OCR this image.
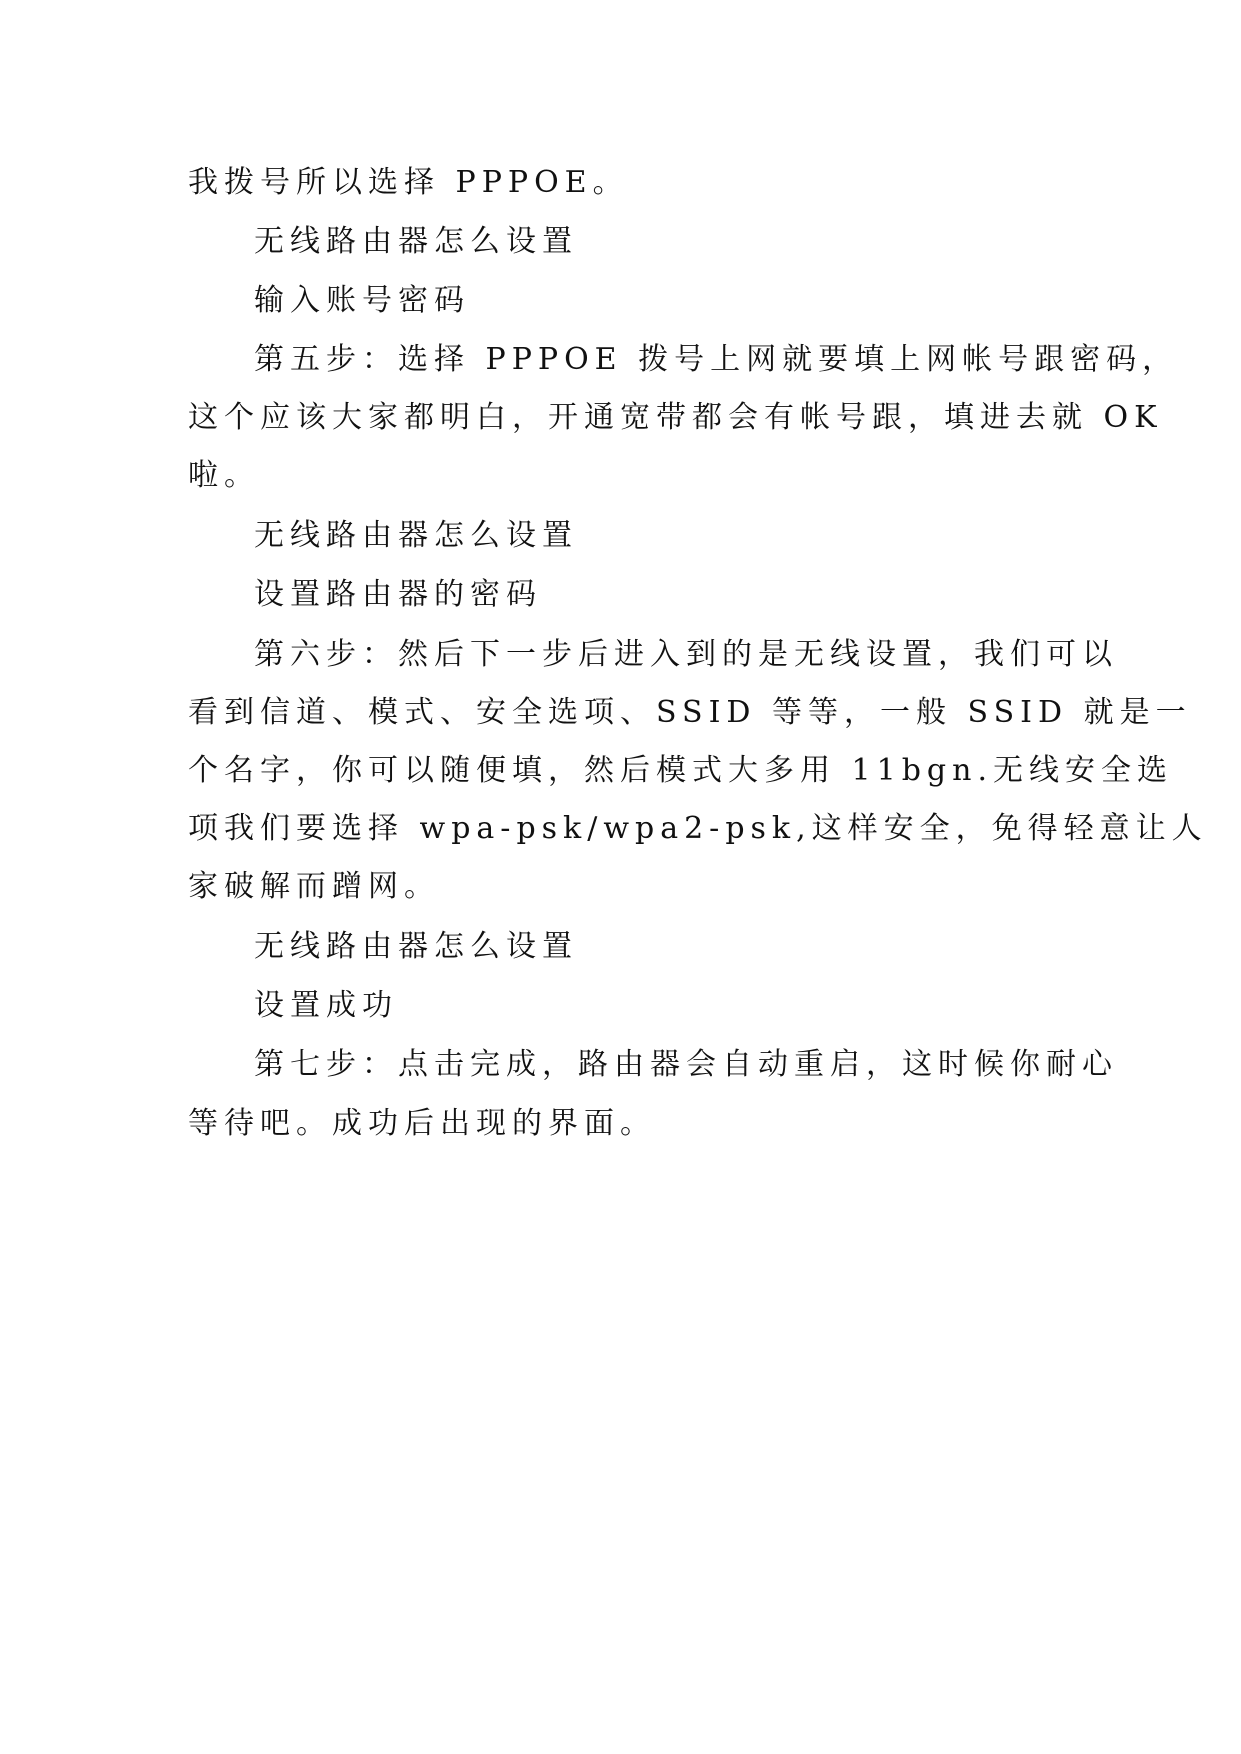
我拨号所以选择 PPPOE。
无线路由器怎么设置
输入账号密码
第五步：选择 PPPOE 拨号上网就要填上网帐号跟密码，
这个应该大家都明白，开通宽带都会有帐号跟，填进去就 OK
啦。
无线路由器怎么设置
设置路由器的密码
第六步：然后下一步后进入到的是无线设置，我们可以
看到信道、模式、安全选项、SSID 等等，一般 SSID 就是一
个名字，你可以随便填，然后模式大多用 11bgn.无线安全选
项我们要选择 wpa-psk/wpa2-psk,这样安全，免得轻意让人
家破解而蹭网。
无线路由器怎么设置
设置成功
第七步：点击完成，路由器会自动重启，这时候你耐心
等待吧。成功后出现的界面。
